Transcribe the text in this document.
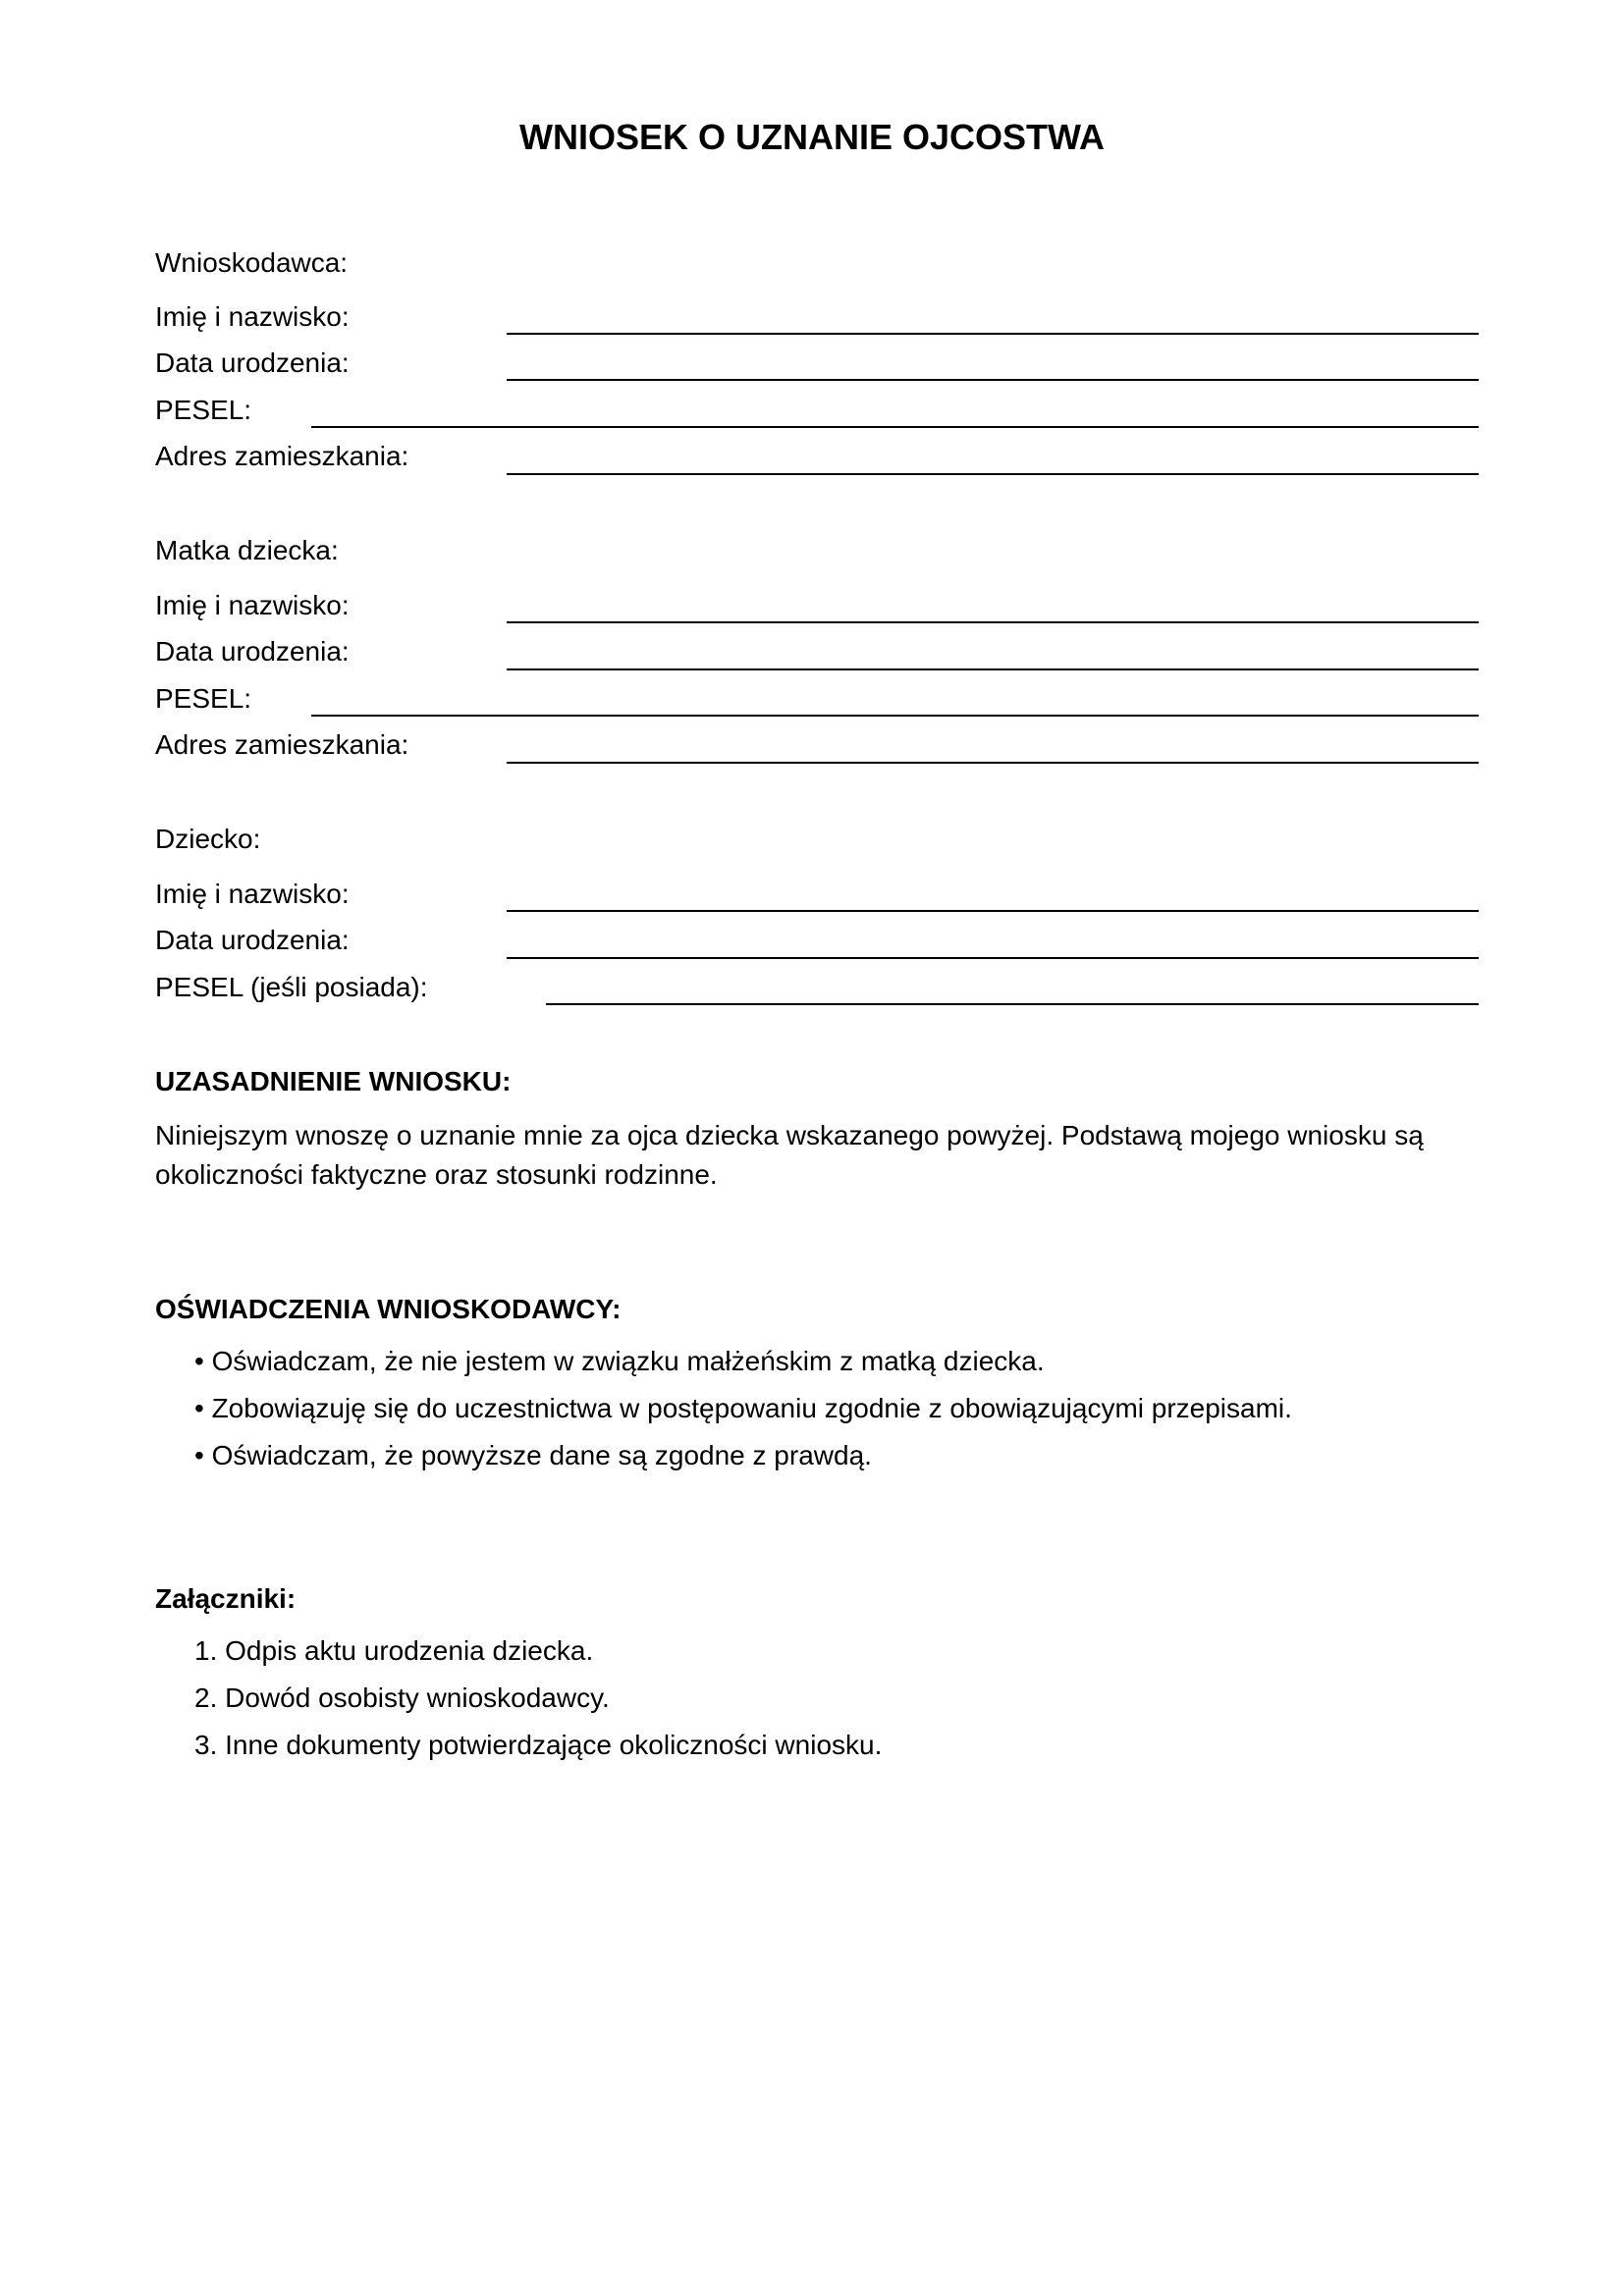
WNIOSEK O UZNANIE OJCOSTWA
Wnioskodawca:
Imię i nazwisko:
Data urodzenia:
PESEL:
Adres zamieszkania:
Matka dziecka:
Imię i nazwisko:
Data urodzenia:
PESEL:
Adres zamieszkania:
Dziecko:
Imię i nazwisko:
Data urodzenia:
PESEL (jeśli posiada):
UZASADNIENIE WNIOSKU:
Niniejszym wnoszę o uznanie mnie za ojca dziecka wskazanego powyżej. Podstawą mojego wniosku są okoliczności faktyczne oraz stosunki rodzinne.
OŚWIADCZENIA WNIOSKODAWCY:
• Oświadczam, że nie jestem w związku małżeńskim z matką dziecka.
• Zobowiązuję się do uczestnictwa w postępowaniu zgodnie z obowiązującymi przepisami.
• Oświadczam, że powyższe dane są zgodne z prawdą.
Załączniki:
1. Odpis aktu urodzenia dziecka.
2. Dowód osobisty wnioskodawcy.
3. Inne dokumenty potwierdzające okoliczności wniosku.
